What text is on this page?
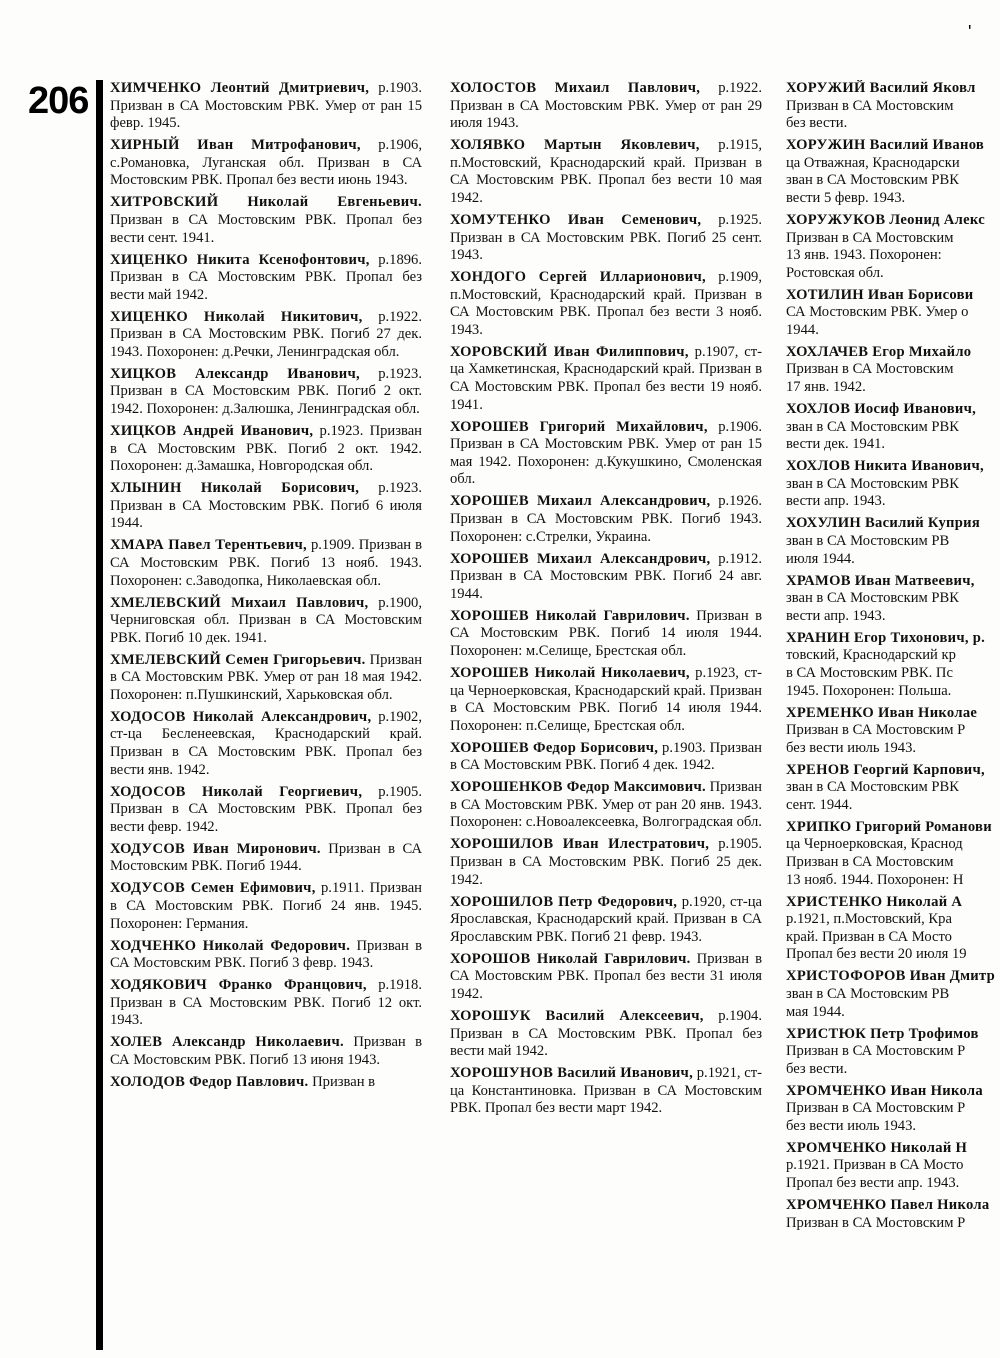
206
'

ХИМЧЕНКО Леонтий Дмитриевич, р.1903. Призван в СА Мостовским РВК. Умер от ран 15 февр. 1945.

ХИРНЫЙ Иван Митрофанович, р.1906, с.Романовка, Луганская обл. Призван в СА Мостовским РВК. Пропал без вести июнь 1943.

ХИТРОВСКИЙ Николай Евгеньевич. Призван в СА Мостовским РВК. Пропал без вести сент. 1941.

ХИЦЕНКО Никита Ксенофонтович, р.1896. Призван в СА Мостовским РВК. Пропал без вести май 1942.

ХИЦЕНКО Николай Никитович, р.1922. Призван в СА Мостовским РВК. Погиб 27 дек. 1943. Похоронен: д.Речки, Ленинградская обл.

ХИЦКОВ Александр Иванович, р.1923. Призван в СА Мостовским РВК. Погиб 2 окт. 1942. Похоронен: д.Залюшка, Ленинградская обл.

ХИЦКОВ Андрей Иванович, р.1923. Призван в СА Мостовским РВК. Погиб 2 окт. 1942. Похоронен: д.Замашка, Новгородская обл.

ХЛЫНИН Николай Борисович, р.1923. Призван в СА Мостовским РВК. Погиб 6 июля 1944.

ХМАРА Павел Терентьевич, р.1909. Призван в СА Мостовским РВК. Погиб 13 нояб. 1943. Похоронен: с.Заводопка, Николаевская обл.

ХМЕЛЕВСКИЙ Михаил Павлович, р.1900, Черниговская обл. Призван в СА Мостовским РВК. Погиб 10 дек. 1941.

ХМЕЛЕВСКИЙ Семен Григорьевич. Призван в СА Мостовским РВК. Умер от ран 18 мая 1942. Похоронен: п.Пушкинский, Харьковская обл.

ХОДОСОВ Николай Александрович, р.1902, ст-ца Бесленеевская, Краснодарский край. Призван в СА Мостовским РВК. Пропал без вести янв. 1942.

ХОДОСОВ Николай Георгиевич, р.1905. Призван в СА Мостовским РВК. Пропал без вести февр. 1942.

ХОДУСОВ Иван Миронович. Призван в СА Мостовским РВК. Погиб 1944.

ХОДУСОВ Семен Ефимович, р.1911. Призван в СА Мостовским РВК. Погиб 24 янв. 1945. Похоронен: Германия.

ХОДЧЕНКО Николай Федорович. Призван в СА Мостовским РВК. Погиб 3 февр. 1943.

ХОДЯКОВИЧ Франко Францович, р.1918. Призван в СА Мостовским РВК. Погиб 12 окт. 1943.

ХОЛЕВ Александр Николаевич. Призван в СА Мостовским РВК. Погиб 13 июня 1943.

ХОЛОДОВ Федор Павлович. Призван в

ХОЛОСТОВ Михаил Павлович, р.1922. Призван в СА Мостовским РВК. Умер от ран 29 июля 1943.

ХОЛЯВКО Мартын Яковлевич, р.1915, п.Мостовский, Краснодарский край. Призван в СА Мостовским РВК. Пропал без вести 10 мая 1942.

ХОМУТЕНКО Иван Семенович, р.1925. Призван в СА Мостовским РВК. Погиб 25 сент. 1943.

ХОНДОГО Сергей Илларионович, р.1909, п.Мостовский, Краснодарский край. Призван в СА Мостовским РВК. Пропал без вести 3 нояб. 1943.

ХОРОВСКИЙ Иван Филиппович, р.1907, ст-ца Хамкетинская, Краснодарский край. Призван в СА Мостовским РВК. Пропал без вести 19 нояб. 1941.

ХОРОШЕВ Григорий Михайлович, р.1906. Призван в СА Мостовским РВК. Умер от ран 15 мая 1942. Похоронен: д.Кукушкино, Смоленская обл.

ХОРОШЕВ Михаил Александрович, р.1926. Призван в СА Мостовским РВК. Погиб 1943. Похоронен: с.Стрелки, Украина.

ХОРОШЕВ Михаил Александрович, р.1912. Призван в СА Мостовским РВК. Погиб 24 авг. 1944.

ХОРОШЕВ Николай Гаврилович. Призван в СА Мостовским РВК. Погиб 14 июля 1944. Похоронен: м.Селище, Брестская обл.

ХОРОШЕВ Николай Николаевич, р.1923, ст-ца Черноерковская, Краснодарский край. Призван в СА Мостовским РВК. Погиб 14 июля 1944. Похоронен: п.Селище, Брестская обл.

ХОРОШЕВ Федор Борисович, р.1903. Призван в СА Мостовским РВК. Погиб 4 дек. 1942.

ХОРОШЕНКОВ Федор Максимович. Призван в СА Мостовским РВК. Умер от ран 20 янв. 1943. Похоронен: с.Новоалексеевка, Волгоградская обл.

ХОРОШИЛОВ Иван Илестратович, р.1905. Призван в СА Мостовским РВК. Погиб 25 дек. 1942.

ХОРОШИЛОВ Петр Федорович, р.1920, ст-ца Ярославская, Краснодарский край. Призван в СА Ярославским РВК. Погиб 21 февр. 1943.

ХОРОШОВ Николай Гаврилович. Призван в СА Мостовским РВК. Пропал без вести 31 июля 1942.

ХОРОШУК Василий Алексеевич, р.1904. Призван в СА Мостовским РВК. Пропал без вести май 1942.

ХОРОШУНОВ Василий Иванович, р.1921, ст-ца Константиновка. Призван в СА Мостовским РВК. Пропал без вести март 1942.

ХОРУЖИЙ Василий Яковл
Призван в СА Мостовским
без вести.

ХОРУЖИН Василий Иванов
ца Отважная, Краснодарски
зван в СА Мостовским РВК
вести 5 февр. 1943.

ХОРУЖУКОВ Леонид Алекс
Призван в СА Мостовским
13 янв. 1943. Похоронен:
Ростовская обл.

ХОТИЛИН Иван Борисови
СА Мостовским РВК. Умер о
1944.

ХОХЛАЧЕВ Егор Михайло
Призван в СА Мостовским
17 янв. 1942.

ХОХЛОВ Иосиф Иванович,
зван в СА Мостовским РВК
вести дек. 1941.

ХОХЛОВ Никита Иванович,
зван в СА Мостовским РВК
вести апр. 1943.

ХОХУЛИН Василий Куприя
зван в СА Мостовским РВ
июля 1944.

ХРАМОВ Иван Матвеевич,
зван в СА Мостовским РВК
вести апр. 1943.

ХРАНИН Егор Тихонович, р.
товский, Краснодарский кр
в СА Мостовским РВК. Пс
1945. Похоронен: Польша.

ХРЕМЕНКО Иван Николае
Призван в СА Мостовским Р
без вести июль 1943.

ХРЕНОВ Георгий Карпович,
зван в СА Мостовским РВК
сент. 1944.

ХРИПКО Григорий Романови
ца Черноерковская, Краснод
Призван в СА Мостовским
13 нояб. 1944. Похоронен: Н

ХРИСТЕНКО Николай А
р.1921, п.Мостовский, Кра
край. Призван в СА Мосто
Пропал без вести 20 июля 19

ХРИСТОФОРОВ Иван Дмитр
зван в СА Мостовским РВ
мая 1944.

ХРИСТЮК Петр Трофимов
Призван в СА Мостовским Р
без вести.

ХРОМЧЕНКО Иван Никола
Призван в СА Мостовским Р
без вести июль 1943.

ХРОМЧЕНКО Николай Н
р.1921. Призван в СА Мосто
Пропал без вести апр. 1943.

ХРОМЧЕНКО Павел Никола
Призван в СА Мостовским Р
